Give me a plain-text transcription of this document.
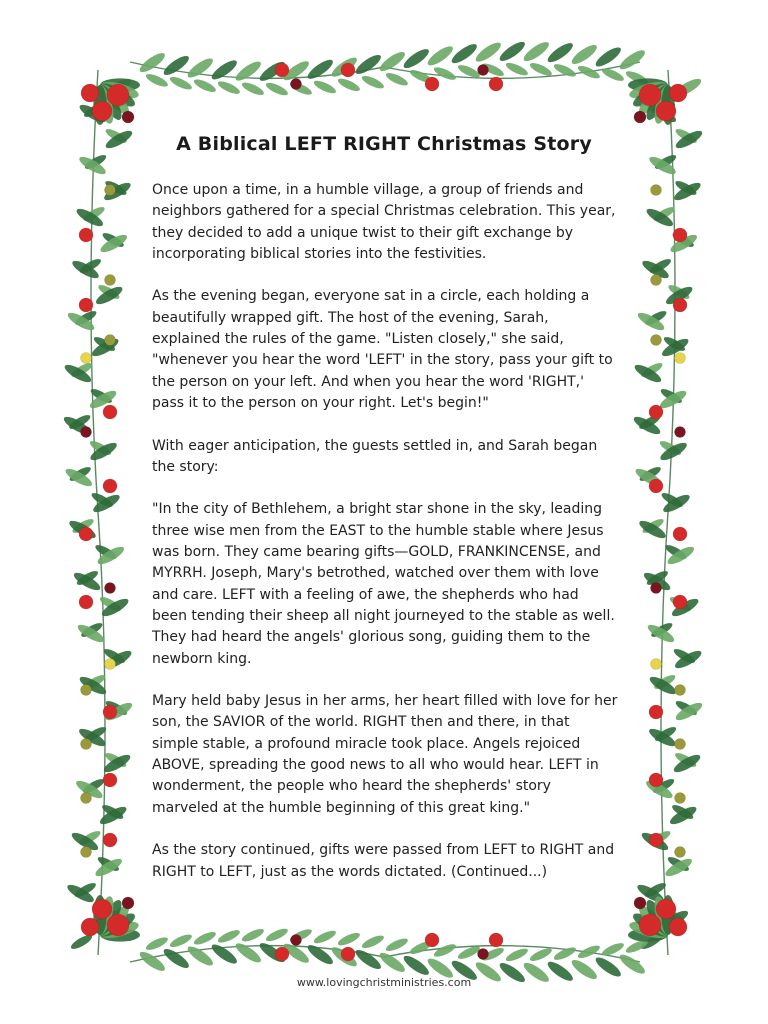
A Biblical LEFT RIGHT Christmas Story

Once upon a time, in a humble village, a group of friends and neighbors gathered for a special Christmas celebration. This year, they decided to add a unique twist to their gift exchange by incorporating biblical stories into the festivities.

As the evening began, everyone sat in a circle, each holding a beautifully wrapped gift. The host of the evening, Sarah, explained the rules of the game. "Listen closely," she said, "whenever you hear the word 'LEFT' in the story, pass your gift to the person on your left. And when you hear the word 'RIGHT,' pass it to the person on your right. Let's begin!"

With eager anticipation, the guests settled in, and Sarah began the story:

"In the city of Bethlehem, a bright star shone in the sky, leading three wise men from the EAST to the humble stable where Jesus was born. They came bearing gifts—GOLD, FRANKINCENSE, and MYRRH. Joseph, Mary's betrothed, watched over them with love and care. LEFT with a feeling of awe, the shepherds who had been tending their sheep all night journeyed to the stable as well. They had heard the angels' glorious song, guiding them to the newborn king.

Mary held baby Jesus in her arms, her heart filled with love for her son, the SAVIOR of the world. RIGHT then and there, in that simple stable, a profound miracle took place. Angels rejoiced ABOVE, spreading the good news to all who would hear. LEFT in wonderment, the people who heard the shepherds' story marveled at the humble beginning of this great king."

As the story continued, gifts were passed from LEFT to RIGHT and RIGHT to LEFT, just as the words dictated. (Continued...)

www.lovingchristministries.com
